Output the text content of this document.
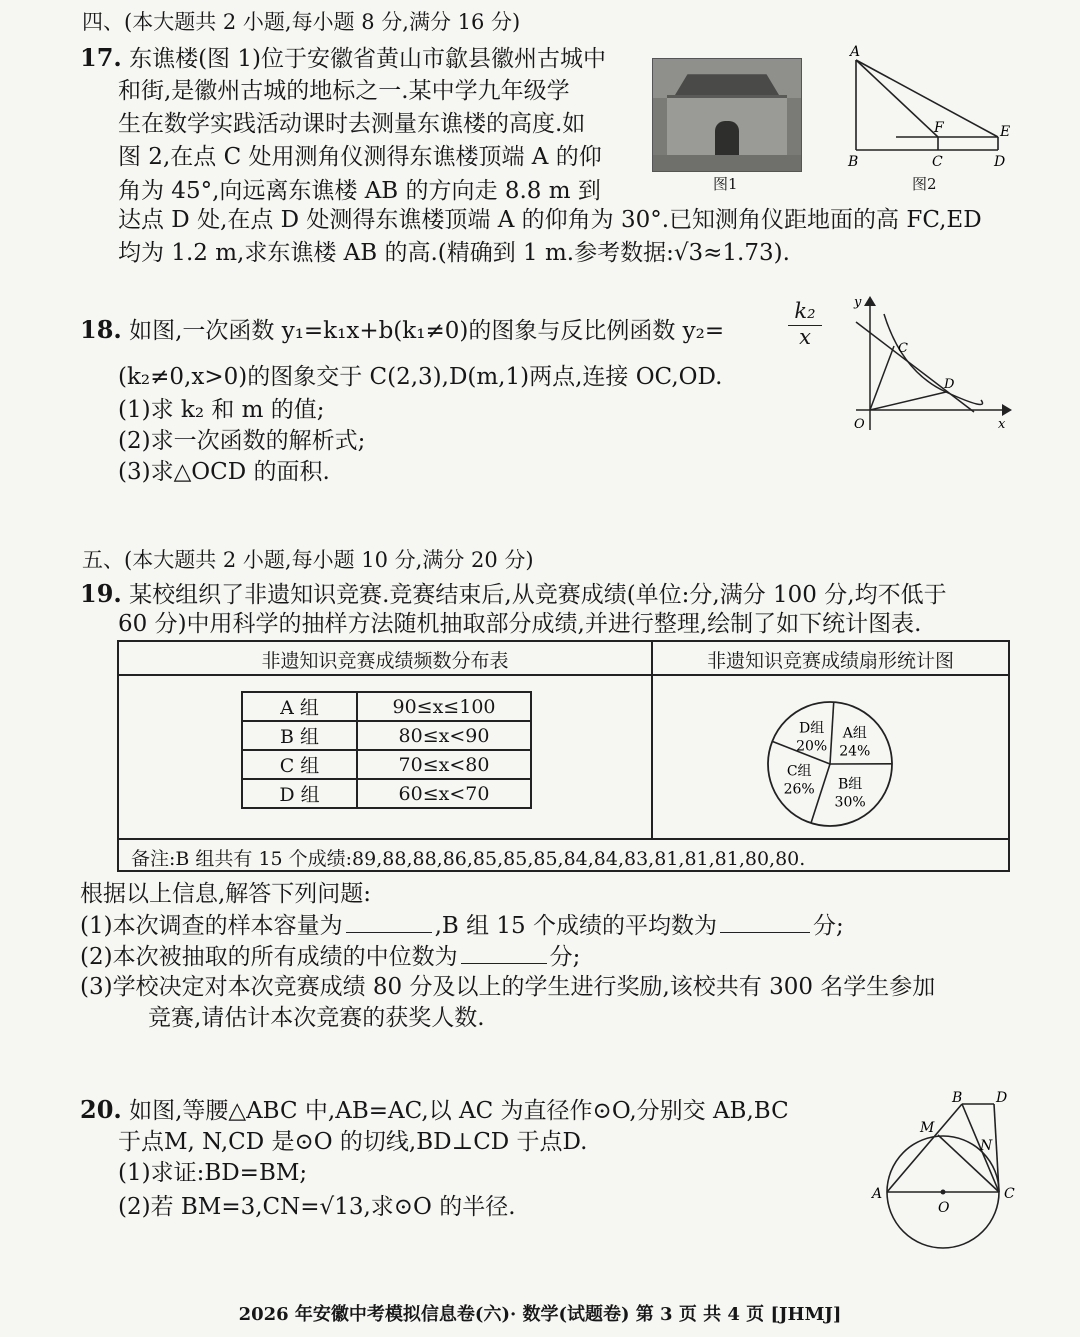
四、(本大题共 2 小题,每小题 8 分,满分 16 分)
17. 东谯楼(图 1)位于安徽省黄山市歙县徽州古城中
和街,是徽州古城的地标之一.某中学九年级学
生在数学实践活动课时去测量东谯楼的高度.如
图 2,在点 C 处用测角仪测得东谯楼顶端 A 的仰
角为 45°,向远离东谯楼 AB 的方向走 8.8 m 到
达点 D 处,在点 D 处测得东谯楼顶端 A 的仰角为 30°.已知测角仪距地面的高 FC,ED
均为 1.2 m,求东谯楼 AB 的高.(精确到 1 m.参考数据:√3≈1.73).
图1
A
B	C	D
E
F
图2
18. 如图,一次函数 y₁=k₁x+b(k₁≠0)的图象与反比例函数 y₂=	$\frac{\text{k₂}}{x}$
(k₂≠0,x>0)的图象交于 C(2,3),D(m,1)两点,连接 OC,OD.
(1)求 k₂ 和 m 的值;
(2)求一次函数的解析式;
(3)求△OCD 的面积.
y
x
O
C
D
五、(本大题共 2 小题,每小题 10 分,满分 20 分)
19. 某校组织了非遗知识竞赛.竞赛结束后,从竞赛成绩(单位:分,满分 100 分,均不低于
60 分)中用科学的抽样方法随机抽取部分成绩,并进行整理,绘制了如下统计图表.
非遗知识竞赛成绩频数分布表	非遗知识竞赛成绩扇形统计图
A 组	90≤x≤100
B 组	80≤x<90
C 组	70≤x<80
D 组	60≤x<70
备注:B 组共有 15 个成绩:89,88,88,86,85,85,85,84,84,83,81,81,81,80,80.
A组
24%
B组
30%
C组
26%
D组
20%
根据以上信息,解答下列问题:
(1)本次调查的样本容量为	,B 组 15 个成绩的平均数为	分;
(2)本次被抽取的所有成绩的中位数为	分;
(3)学校决定对本次竞赛成绩 80 分及以上的学生进行奖励,该校共有 300 名学生参加
竞赛,请估计本次竞赛的获奖人数.
20. 如图,等腰△ABC 中,AB=AC,以 AC 为直径作⊙O,分别交 AB,BC
于点M, N,CD 是⊙O 的切线,BD⊥CD 于点D.
(1)求证:BD=BM;
(2)若 BM=3,CN=√13,求⊙O 的半径.	A
B
C
D
M
N
O
2026 年安徽中考模拟信息卷(六)· 数学(试题卷) 第 3 页 共 4 页 [JHMJ]
